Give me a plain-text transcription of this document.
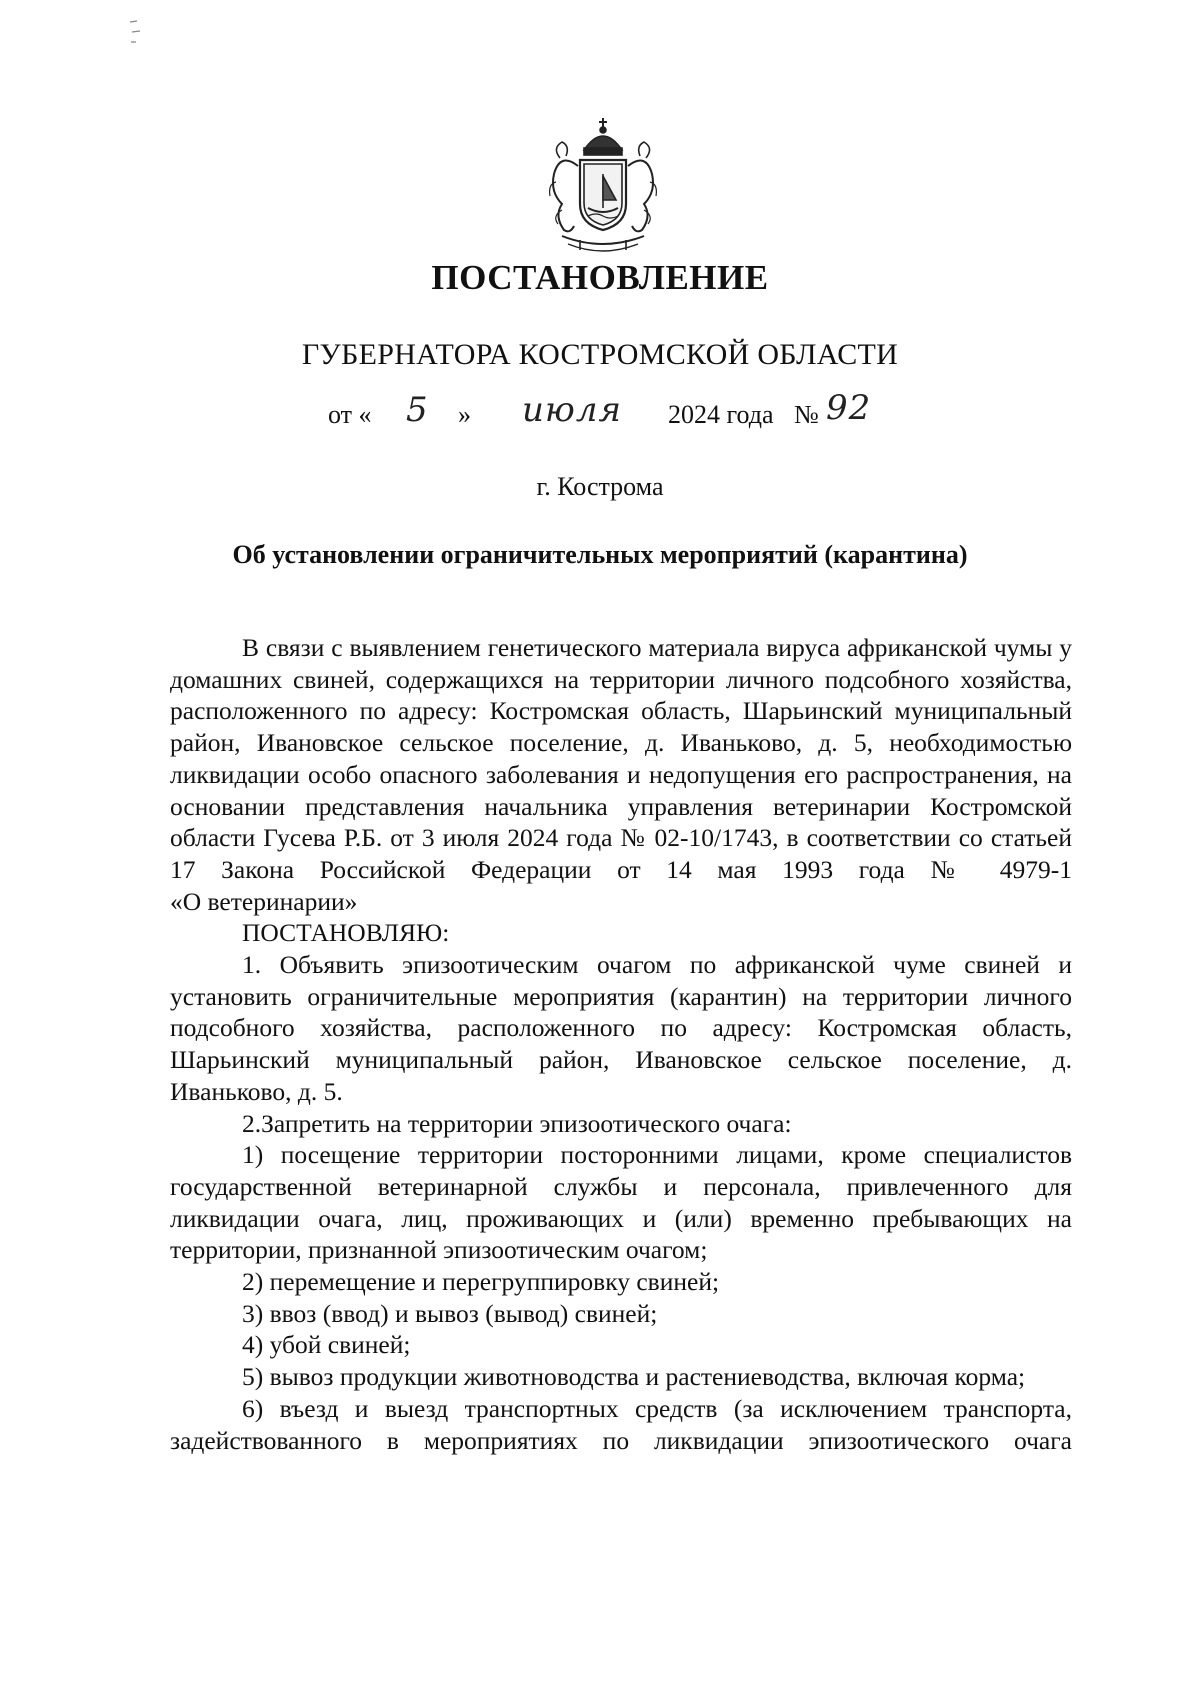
ПОСТАНОВЛЕНИЕ
ГУБЕРНАТОРА КОСТРОМСКОЙ ОБЛАСТИ
от « 5 » июля 2024 года № 92
г. Кострома
Об установлении ограничительных мероприятий (карантина)

В связи с выявлением генетического материала вируса африканской чумы у домашних свиней, содержащихся на территории личного подсобного хозяйства, расположенного по адресу: Костромская область, Шарьинский муниципальный район, Ивановское сельское поселение, д. Иваньково, д. 5, необходимостью ликвидации особо опасного заболевания и недопущения его распространения, на основании представления начальника управления ветеринарии Костромской области Гусева Р.Б. от 3 июля 2024 года № 02-10/1743, в соответствии со статьей 17 Закона Российской Федерации от 14 мая 1993 года № 4979-1

«О ветеринарии»

ПОСТАНОВЛЯЮ:

1. Объявить эпизоотическим очагом по африканской чуме свиней и установить ограничительные мероприятия (карантин) на территории личного подсобного хозяйства, расположенного по адресу: Костромская область, Шарьинский муниципальный район, Ивановское сельское поселение, д. Иваньково, д. 5.

2.Запретить на территории эпизоотического очага:

1) посещение территории посторонними лицами, кроме специалистов государственной ветеринарной службы и персонала, привлеченного для ликвидации очага, лиц, проживающих и (или) временно пребывающих на территории, признанной эпизоотическим очагом;

2) перемещение и перегруппировку свиней;

3) ввоз (ввод) и вывоз (вывод) свиней;

4) убой свиней;

5) вывоз продукции животноводства и растениеводства, включая корма;

6) въезд и выезд транспортных средств (за исключением транспорта, задействованного в мероприятиях по ликвидации эпизоотического очага
